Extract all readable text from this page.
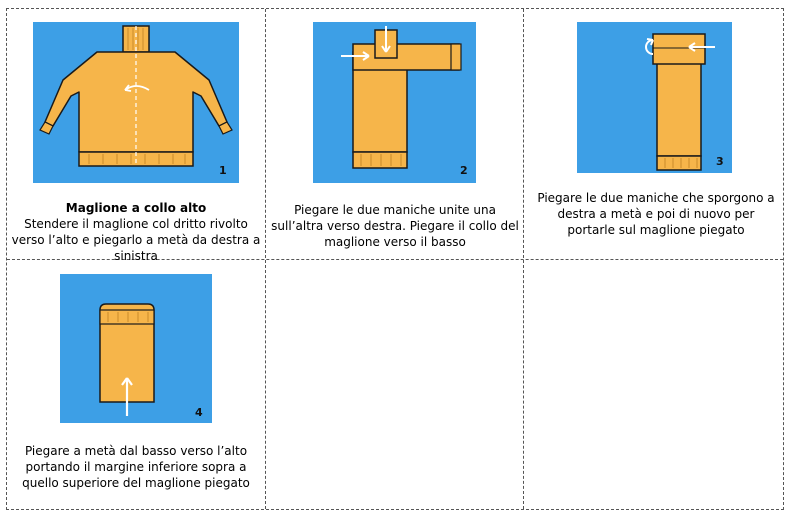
1
Maglione a collo alto
Stendere il maglione col dritto rivolto verso l’alto e piegarlo a metà da destra a sinistra
2
Piegare le due maniche unite una sull’altra verso destra. Piegare il collo del maglione verso il basso
3
Piegare le due maniche che sporgono a destra a metà e poi di nuovo per portarle sul maglione piegato
4
Piegare a metà dal basso verso l’alto portando il margine inferiore sopra a quello superiore del maglione piegato
